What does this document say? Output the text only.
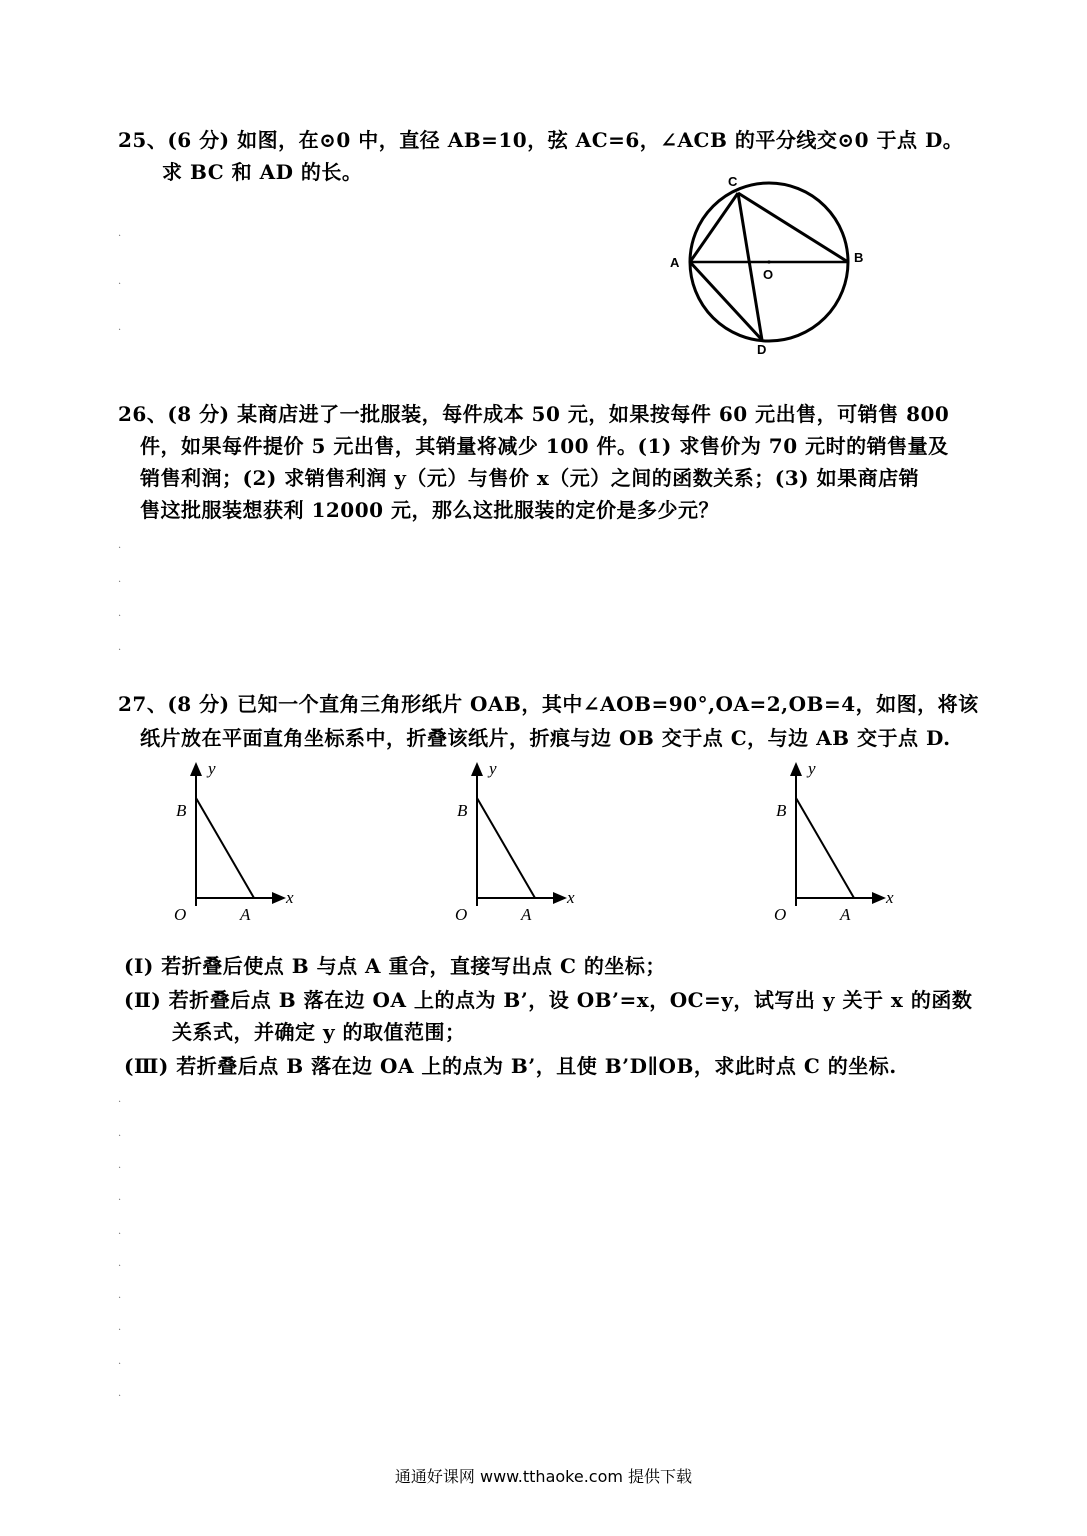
25、(6 分) 如图，在⊙0 中，直径 AB=10，弦 AC=6，∠ACB 的平分线交⊙0 于点 D。
求 BC 和 AD 的长。	C
A
O
B
D
.
.
.
26、(8 分) 某商店进了一批服装，每件成本 50 元，如果按每件 60 元出售，可销售 800
件，如果每件提价 5 元出售，其销量将减少 100 件。(1) 求售价为 70 元时的销售量及
销售利润；(2) 求销售利润 y（元）与售价 x（元）之间的函数关系；(3) 如果商店销
售这批服装想获利 12000 元，那么这批服装的定价是多少元？
.
.
.
.
27、(8 分) 已知一个直角三角形纸片 OAB，其中∠AOB=90°,OA=2,OB=4，如图，将该
纸片放在平面直角坐标系中，折叠该纸片，折痕与边 OB 交于点 C，与边 AB 交于点 D.
y
B
x
O	A
y
B
x
O	A
y
B
x
O	A
(Ⅰ) 若折叠后使点 B 与点 A 重合，直接写出点 C 的坐标；
(Ⅱ) 若折叠后点 B 落在边 OA 上的点为 B’，设 OB’=x，OC=y，试写出 y 关于 x 的函数
关系式，并确定 y 的取值范围；
(Ⅲ) 若折叠后点 B 落在边 OA 上的点为 B’，且使 B’D∥OB，求此时点 C 的坐标.
.
.
.
.
.
.
.
.
.
.
通通好课网 www.tthaoke.com 提供下载
